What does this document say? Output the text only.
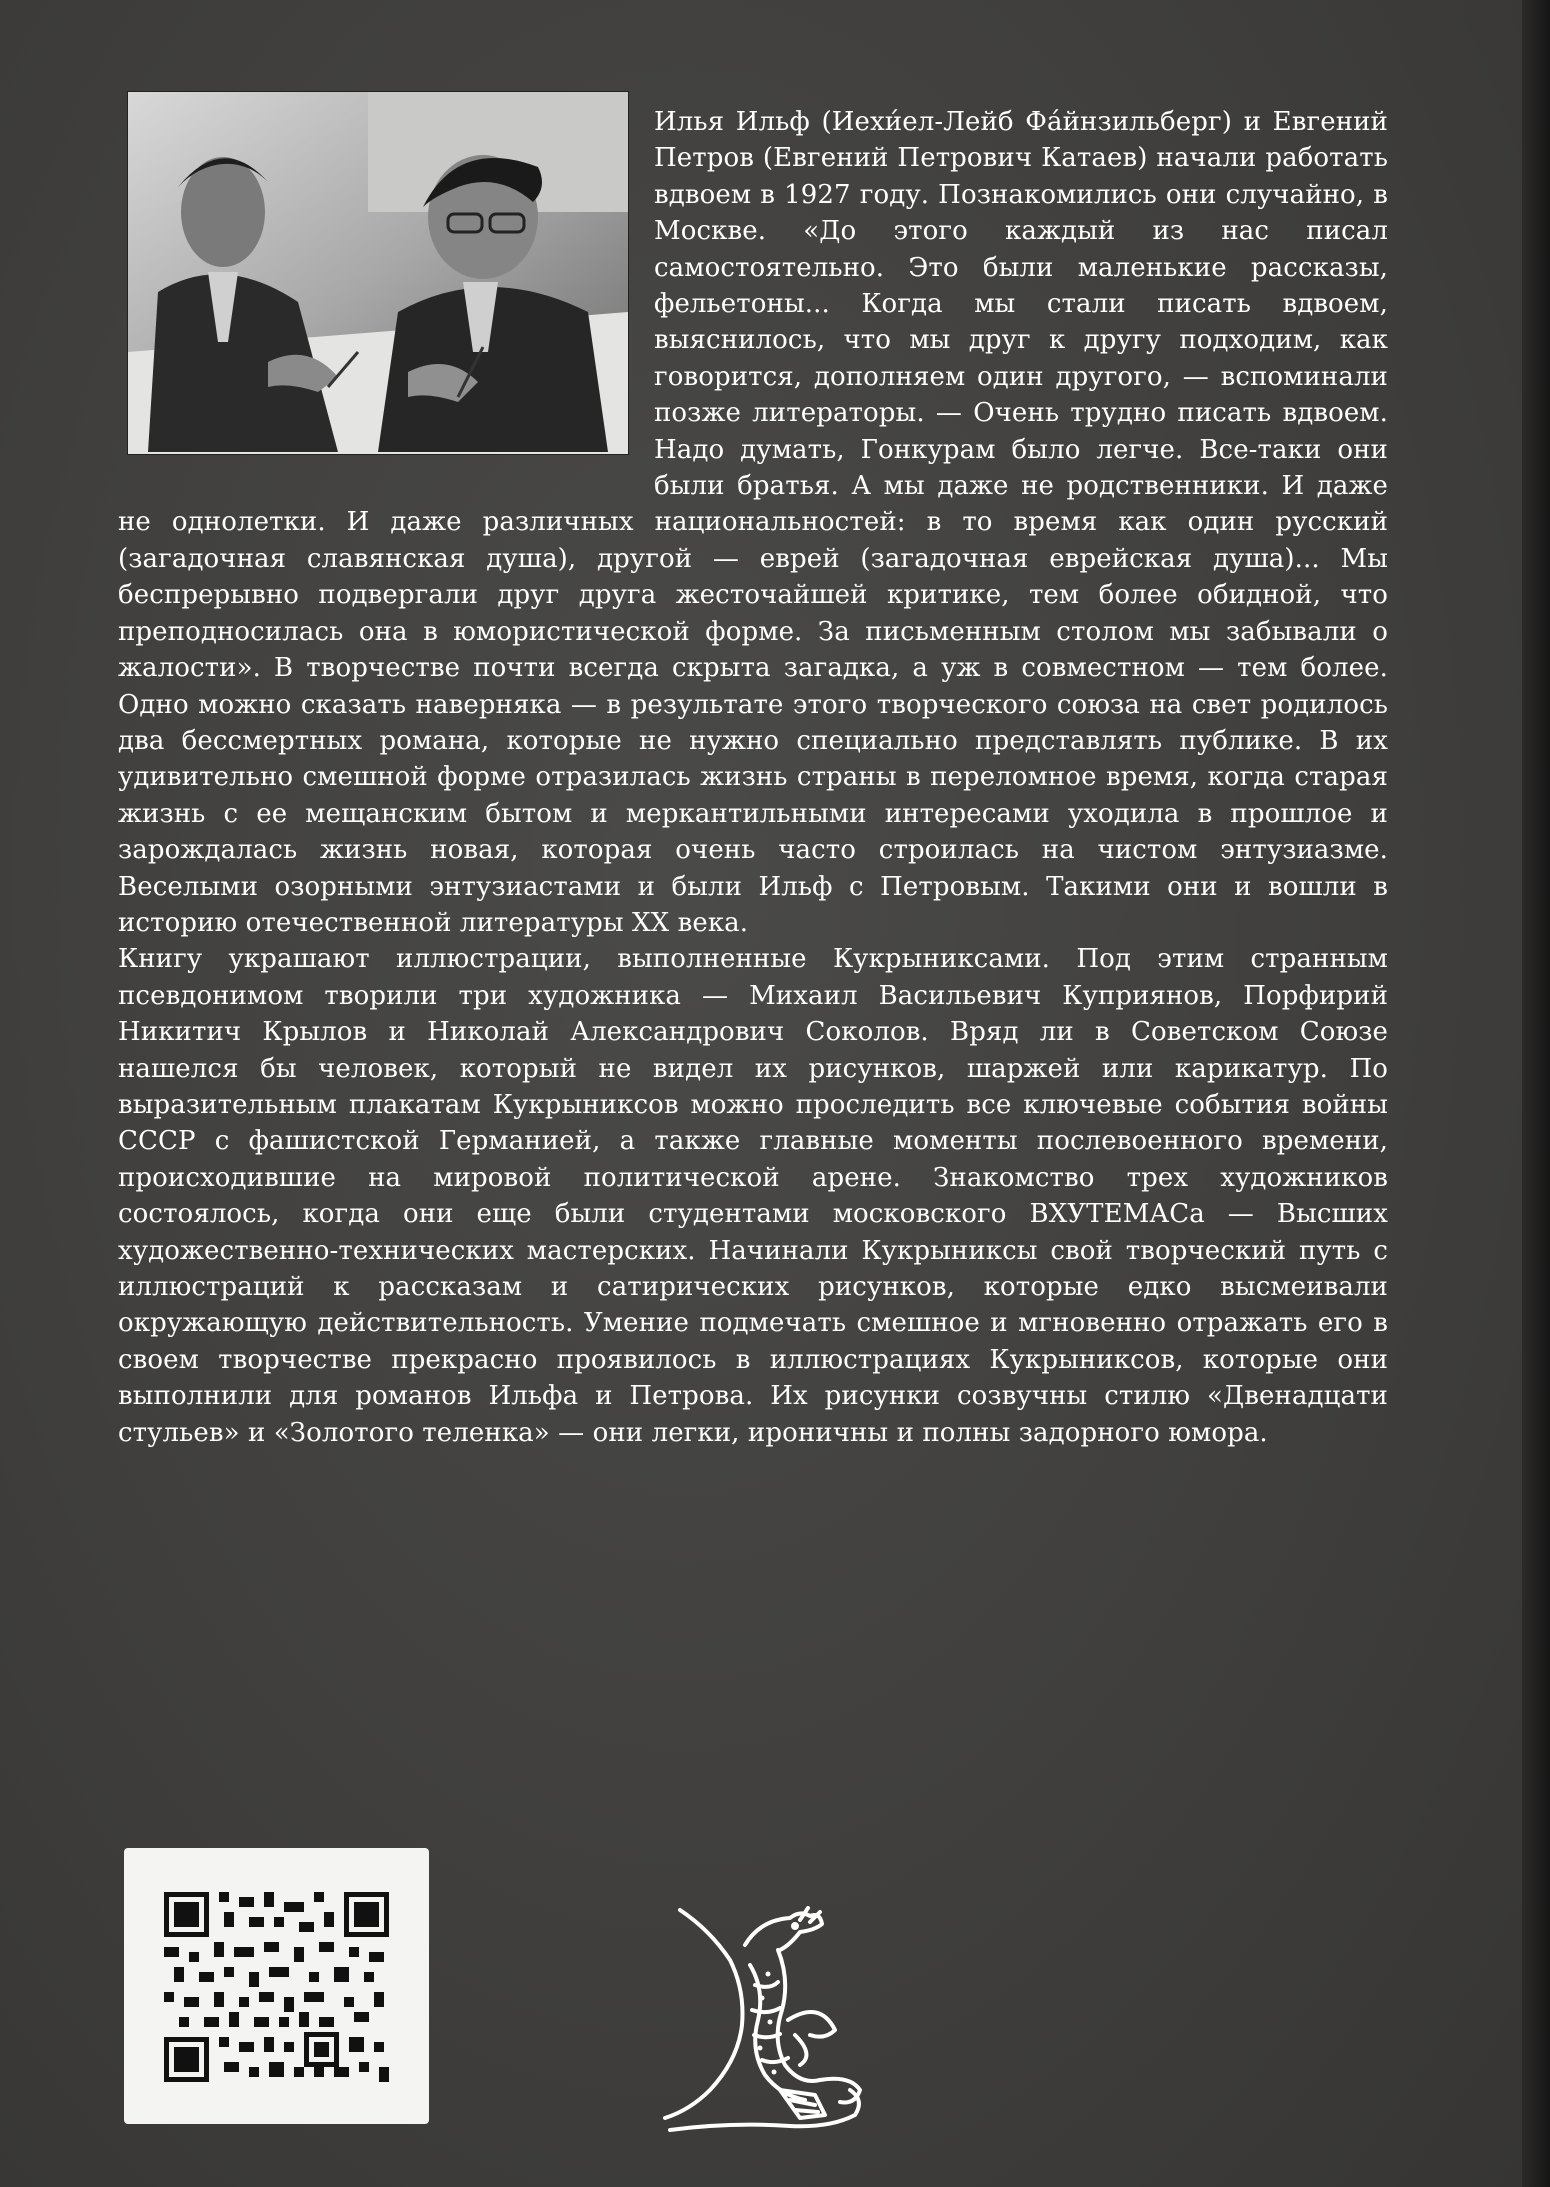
Илья Ильф (Иехи́ел-Лейб Фа́йнзильберг) и Евгений Петров (Евгений Петрович Катаев) начали работать вдвоем в 1927 году. Познакомились они случайно, в Москве. «До этого каждый из нас писал самостоятельно. Это были маленькие рассказы, фельетоны... Когда мы стали писать вдвоем, выяснилось, что мы друг к другу подходим, как говорится, дополняем один другого, — вспоминали позже литераторы. — Очень трудно писать вдвоем. Надо думать, Гонкурам было легче. Все-таки они были братья. А мы даже не родственники. И даже не однолетки. И даже различных национальностей: в то время как один русский (загадочная славянская душа), другой — еврей (загадочная еврейская душа)... Мы беспрерывно подвергали друг друга жесточайшей критике, тем более обидной, что преподносилась она в юмористической форме. За письменным столом мы забывали о жалости». В творчестве почти всегда скрыта загадка, а уж в совместном — тем более. Одно можно сказать наверняка — в результате этого творческого союза на свет родилось два бессмертных романа, которые не нужно специально представлять публике. В их удивительно смешной форме отразилась жизнь страны в переломное время, когда старая жизнь с ее мещанским бытом и меркантильными интересами уходила в прошлое и зарождалась жизнь новая, которая очень часто строилась на чистом энтузиазме. Веселыми озорными энтузиастами и были Ильф с Петровым. Такими они и вошли в историю отечественной литературы XX века.

Книгу украшают иллюстрации, выполненные Кукрыниксами. Под этим странным псевдонимом творили три художника — Михаил Васильевич Куприянов, Порфирий Никитич Крылов и Николай Александрович Соколов. Вряд ли в Советском Союзе нашелся бы человек, который не видел их рисунков, шаржей или карикатур. По выразительным плакатам Кукрыниксов можно проследить все ключевые события войны СССР с фашистской Германией, а также главные моменты послевоенного времени, происходившие на мировой политической арене. Знакомство трех художников состоялось, когда они еще были студентами московского ВХУТЕМАСа — Высших художественно-технических мастерских. Начинали Кукрыниксы свой творческий путь с иллюстраций к рассказам и сатирических рисунков, которые едко высмеивали окружающую действительность. Умение подмечать смешное и мгновенно отражать его в своем творчестве прекрасно проявилось в иллюстрациях Кукрыниксов, которые они выполнили для романов Ильфа и Петрова. Их рисунки созвучны стилю «Двенадцати стульев» и «Золотого теленка» — они легки, ироничны и полны задорного юмора.
